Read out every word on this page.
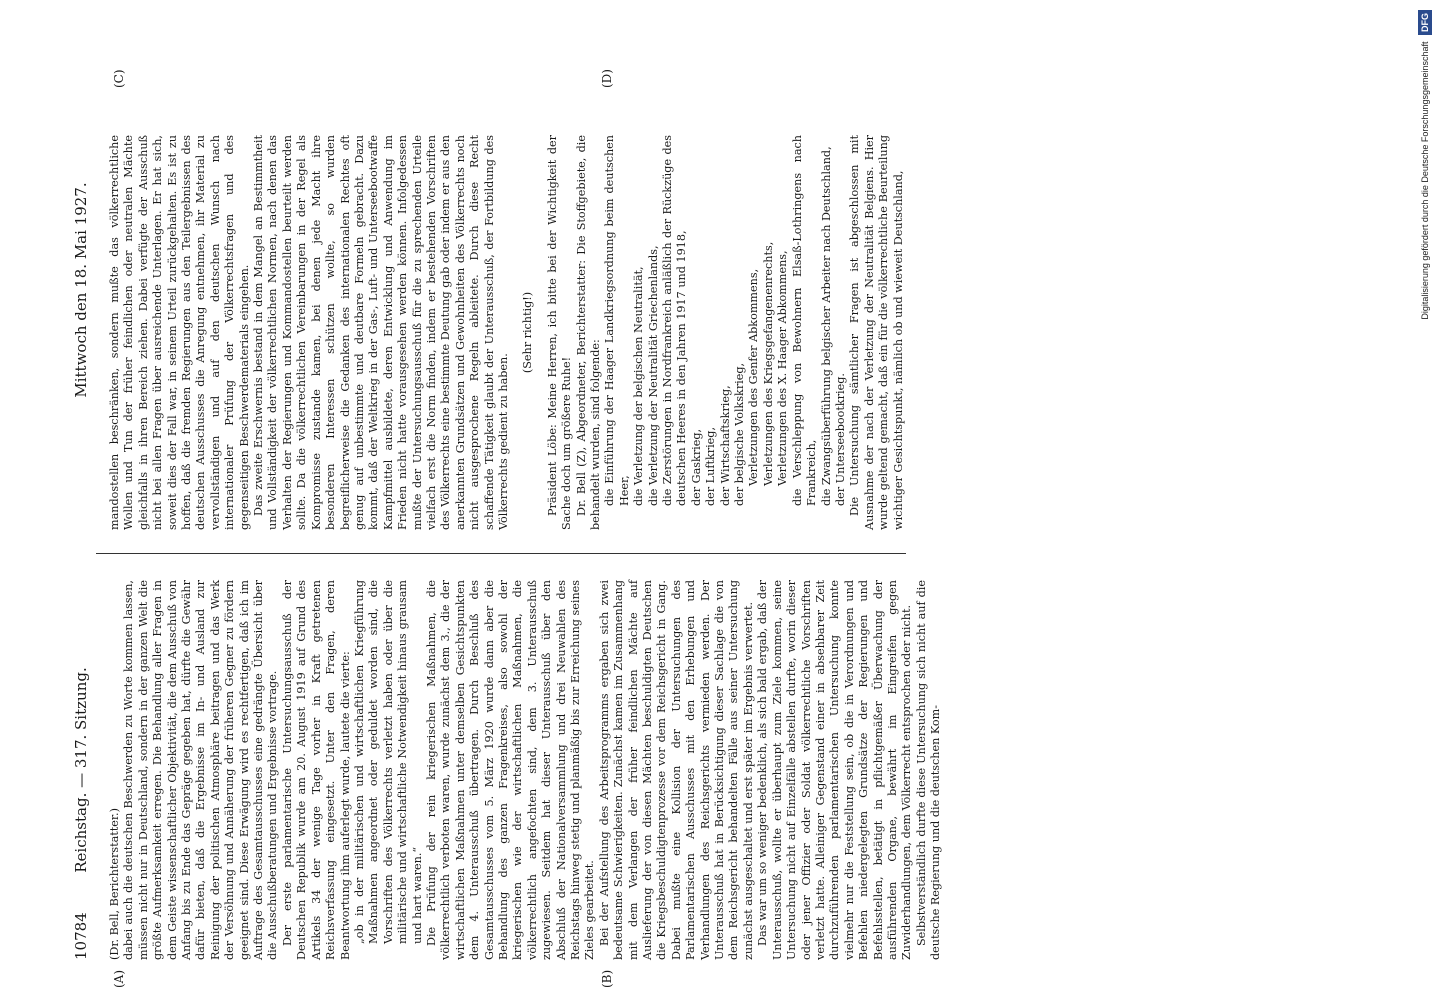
10784
Reichstag. — 317. Sitzung.
Mittwoch den 18. Mai 1927.
(A)	(B)
(C)	(D)

(Dr. Bell, Berichterstatter.) dabei auch die deutschen Beschwerden zu Worte kommen lassen, müssen nicht nur in Deutschland, sondern in der ganzen Welt die größte Aufmerksamkeit erregen. Die Behandlung aller Fragen in dem Geiste wissenschaftlicher Objektivität, die dem Ausschuß von Anfang bis zu Ende das Gepräge gegeben hat, dürfte die Gewähr dafür bieten, daß die Ergebnisse im In- und Ausland zur Reinigung der politischen Atmosphäre beitragen und das Werk der Versöhnung und Annäherung der früheren Gegner zu fördern geeignet sind. Diese Erwägung wird es rechtfertigen, daß ich im Auftrage des Gesamtausschusses eine gedrängte Übersicht über die Ausschußberatungen und Ergebnisse vortrage. Der erste parlamentarische Untersuchungsausschuß der Deutschen Republik wurde am 20. August 1919 auf Grund des Artikels 34 der wenige Tage vorher in Kraft getretenen Reichsverfassung eingesetzt. Unter den Fragen, deren Beantwortung ihm auferlegt wurde, lautete die vierte: „ob in der militärischen und wirtschaftlichen Kriegführung Maßnahmen angeordnet oder geduldet worden sind, die Vorschriften des Völkerrechts verletzt haben oder über die militärische und wirtschaftliche Notwendigkeit hinaus grausam und hart waren.“ Die Prüfung der rein kriegerischen Maßnahmen, die völkerrechtlich verboten waren, wurde zunächst dem 3., die der wirtschaftlichen Maßnahmen unter demselben Gesichtspunkten dem 4. Unterausschuß übertragen. Durch Beschluß des Gesamtausschusses vom 5. März 1920 wurde dann aber die Behandlung des ganzen Fragenkreises, also sowohl der kriegerischen wie der wirtschaftlichen Maßnahmen, die völkerrechtlich angefochten sind, dem 3. Unterausschuß zugewiesen. Seitdem hat dieser Unterausschuß über den Abschluß der Nationalversammlung und drei Neuwahlen des Reichstags hinweg stetig und planmäßig bis zur Erreichung seines Zieles gearbeitet. Bei der Aufstellung des Arbeitsprogramms ergaben sich zwei bedeutsame Schwierigkeiten. Zunächst kamen im Zusammenhang mit dem Verlangen der früher feindlichen Mächte auf Auslieferung der von diesen Mächten beschuldigten Deutschen die Kriegsbeschuldigtenprozesse vor dem Reichsgericht in Gang. Dabei mußte eine Kollision der Untersuchungen des Parlamentarischen Ausschusses mit den Erhebungen und Verhandlungen des Reichsgerichts vermieden werden. Der Unterausschuß hat in Berücksichtigung dieser Sachlage die von dem Reichsgericht behandelten Fälle aus seiner Untersuchung zunächst ausgeschaltet und erst später im Ergebnis verwertet. Das war um so weniger bedenklich, als sich bald ergab, daß der Unterausschuß, wollte er überhaupt zum Ziele kommen, seine Untersuchung nicht auf Einzelfälle abstellen durfte, worin dieser oder jener Offizier oder Soldat völkerrechtliche Vorschriften verletzt hatte. Alleiniger Gegenstand einer in absehbarer Zeit durchzuführenden parlamentarischen Untersuchung konnte vielmehr nur die Feststellung sein, ob die in Verordnungen und Befehlen niedergelegten Grundsätze der Regierungen und Befehlsstellen, betätigt in pflichtgemäßer Überwachung der ausführenden Organe, bewährt im Eingreifen gegen Zuwiderhandlungen, dem Völkerrecht entsprochen oder nicht. Selbstverständlich durfte diese Untersuchung sich nicht auf die deutsche Regierung und die deutschen Kom-

mandostellen beschränken, sondern mußte das völkerrechtliche Wollen und Tun der früher feindlichen oder neutralen Mächte gleichfalls in ihren Bereich ziehen. Dabei verfügte der Ausschuß nicht bei allen Fragen über ausreichende Unterlagen. Er hat sich, soweit dies der Fall war, in seinem Urteil zurückgehalten. Es ist zu hoffen, daß die fremden Regierungen aus den Teilergebnissen des deutschen Ausschusses die Anregung entnehmen, ihr Material zu vervollständigen und auf den deutschen Wunsch nach internationaler Prüfung der Völkerrechtsfragen und des gegenseitigen Beschwerdematerials eingehen. Das zweite Erschwernis bestand in dem Mangel an Bestimmtheit und Vollständigkeit der völkerrechtlichen Normen, nach denen das Verhalten der Regierungen und Kommandostellen beurteilt werden sollte. Da die völkerrechtlichen Vereinbarungen in der Regel als Kompromisse zustande kamen, bei denen jede Macht ihre besonderen Interessen schützen wollte, so wurden begreiflicherweise die Gedanken des internationalen Rechtes oft genug auf unbestimmte und deutbare Formeln gebracht. Dazu kommt, daß der Weltkrieg in der Gas-, Luft- und Unterseebootwaffe Kampfmittel ausbildete, deren Entwicklung und Anwendung im Frieden nicht hatte vorausgesehen werden können. Infolgedessen mußte der Untersuchungsausschuß für die zu sprechenden Urteile vielfach erst die Norm finden, indem er bestehenden Vorschriften des Völkerrechts eine bestimmte Deutung gab oder indem er aus den anerkannten Grundsätzen und Gewohnheiten des Völkerrechts noch nicht ausgesprochene Regeln ableitete. Durch diese Recht schaffende Tätigkeit glaubt der Unterausschuß, der Fortbildung des Völkerrechts gedient zu haben.

(Sehr richtig!) Präsident Löbe: Meine Herren, ich bitte bei der Wichtigkeit der Sache doch um größere Ruhe! Dr. Bell (Z), Abgeordneter, Berichterstatter: Die Stoffgebiete, die behandelt wurden, sind folgende: die Einführung der Haager Landkriegsordnung beim deutschen Heer, die Verletzung der belgischen Neutralität, die Verletzung der Neutralität Griechenlands, die Zerstörungen in Nordfrankreich anläßlich der Rückzüge des deutschen Heeres in den Jahren 1917 und 1918, der Gaskrieg, der Luftkrieg, der Wirtschaftskrieg, der belgische Volkskrieg, Verletzungen des Genfer Abkommens, Verletzungen des Kriegsgefangenenrechts, Verletzungen des X. Haager Abkommens, die Verschleppung von Bewohnern Elsaß-Lothringens nach Frankreich, die Zwangsüberführung belgischer Arbeiter nach Deutschland, der Unterseebootkrieg. Die Untersuchung sämtlicher Fragen ist abgeschlossen mit Ausnahme der nach der Verletzung der Neutralität Belgiens. Hier wurde geltend gemacht, daß ein für die völkerrechtliche Beurteilung wichtiger Gesichtspunkt, nämlich ob und wieweit Deutschland,	Digitalisierung gefördert durch die Deutsche Forschungsgemeinschaft DFG
